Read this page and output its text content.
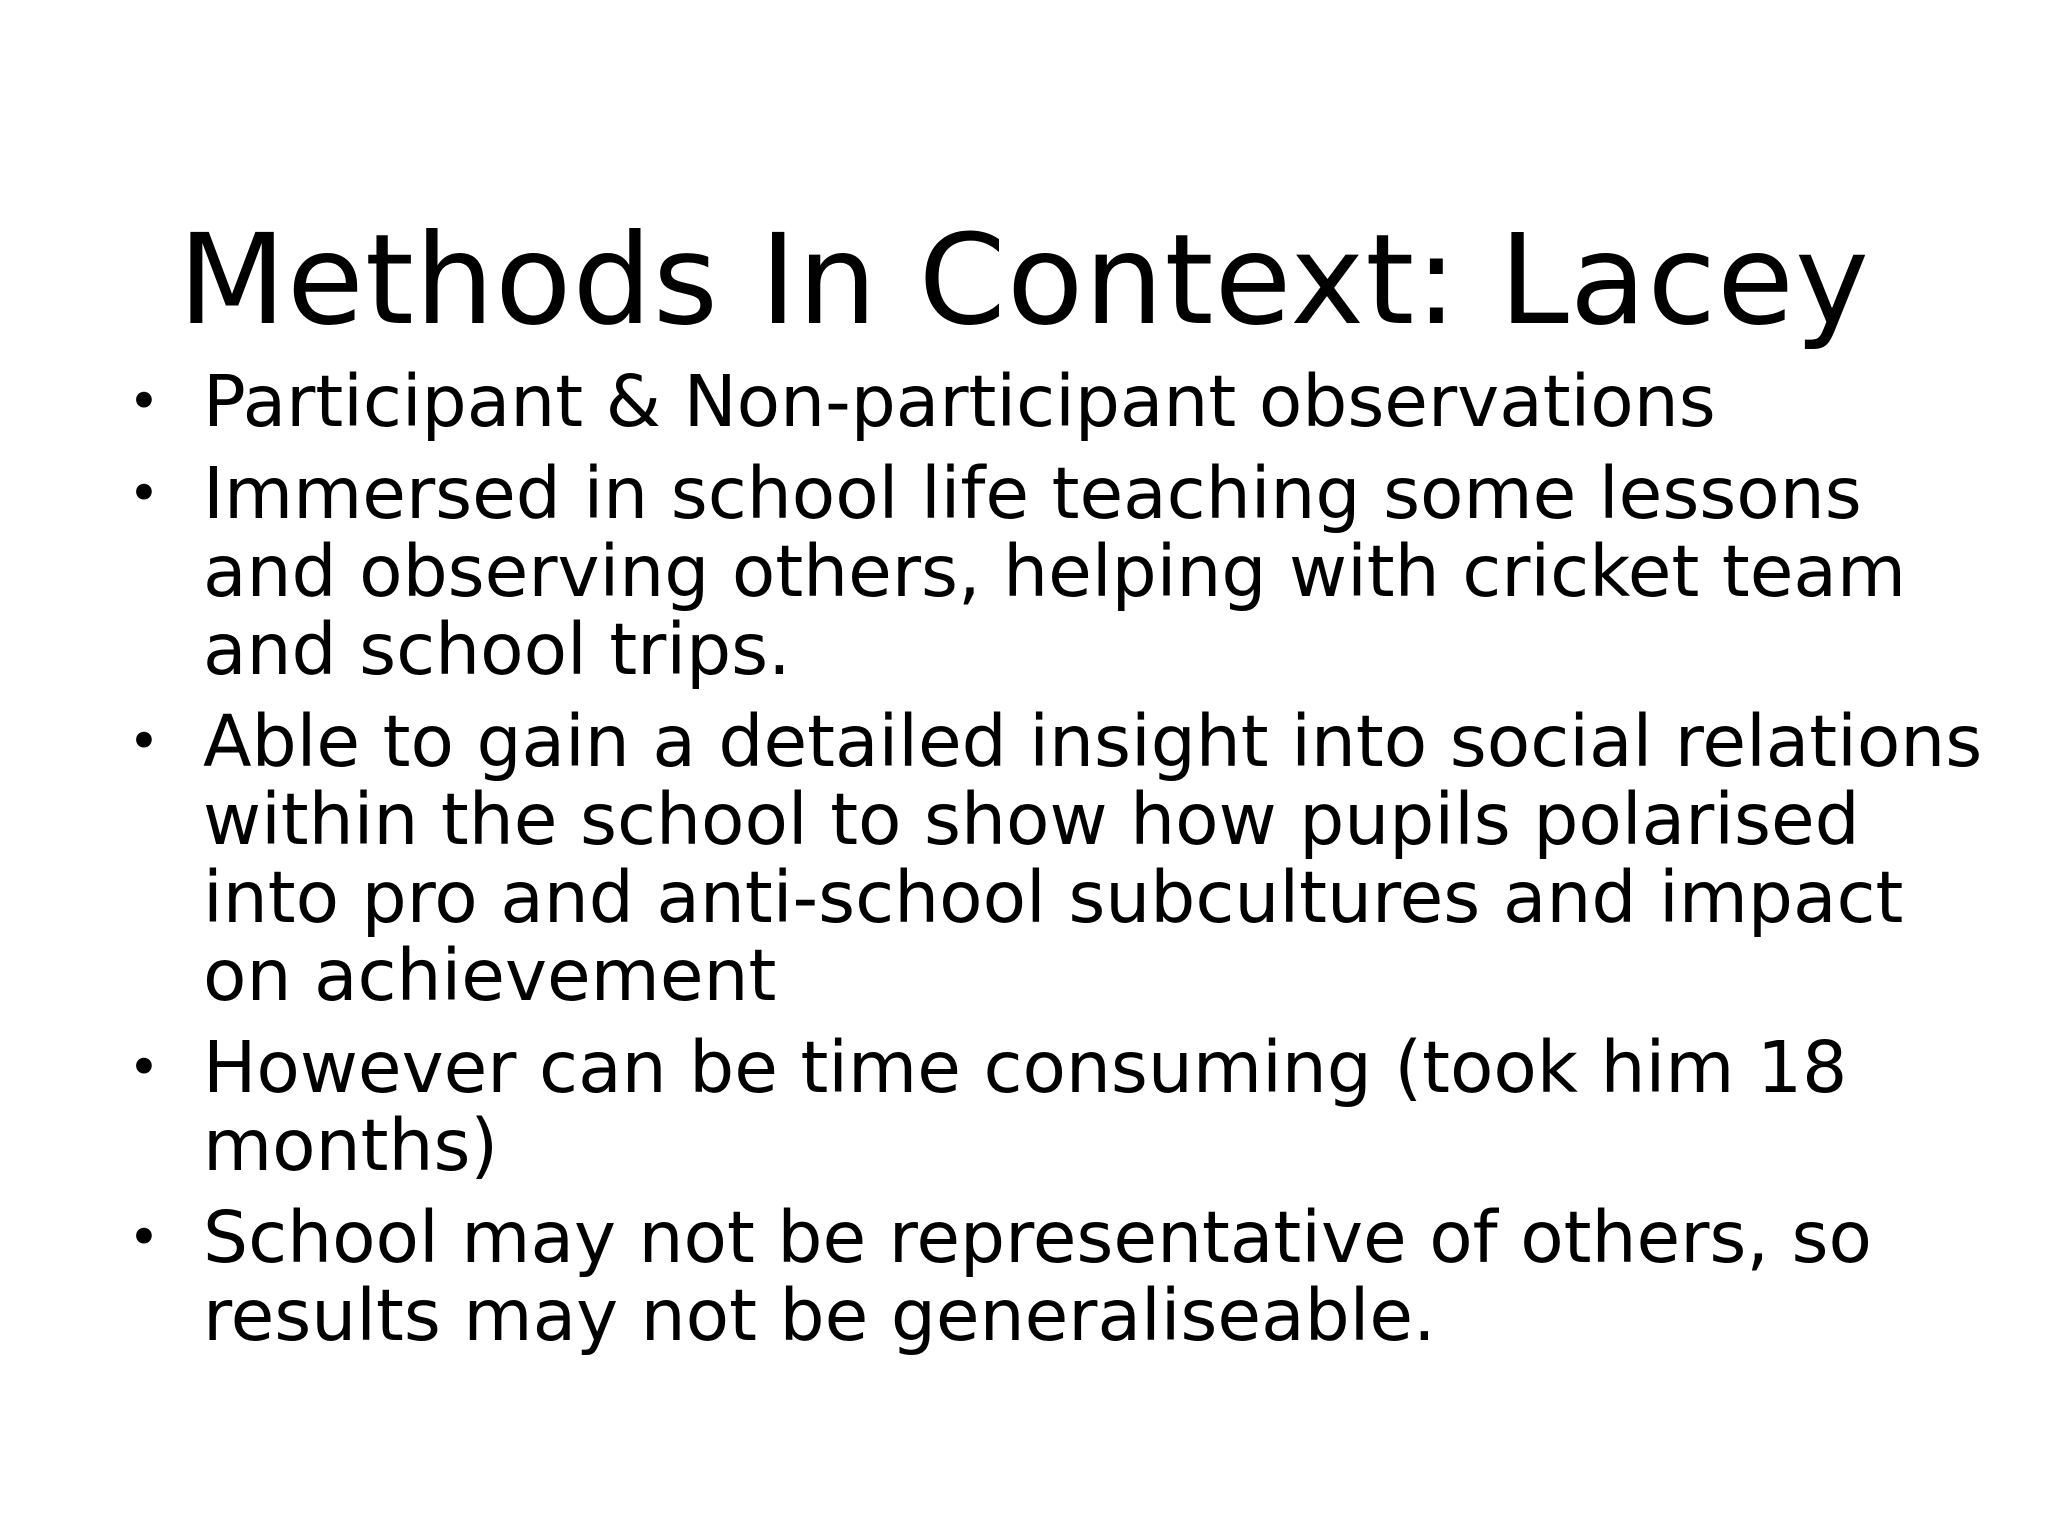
Methods In Context: Lacey
• Participant & Non-participant observations
• Immersed in school life teaching some lessons and observing others, helping with cricket team and school trips.
• Able to gain a detailed insight into social relations within the school to show how pupils polarised into pro and anti-school subcultures and impact on achievement
• However can be time consuming (took him 18 months)
• School may not be representative of others, so results may not be generaliseable.
